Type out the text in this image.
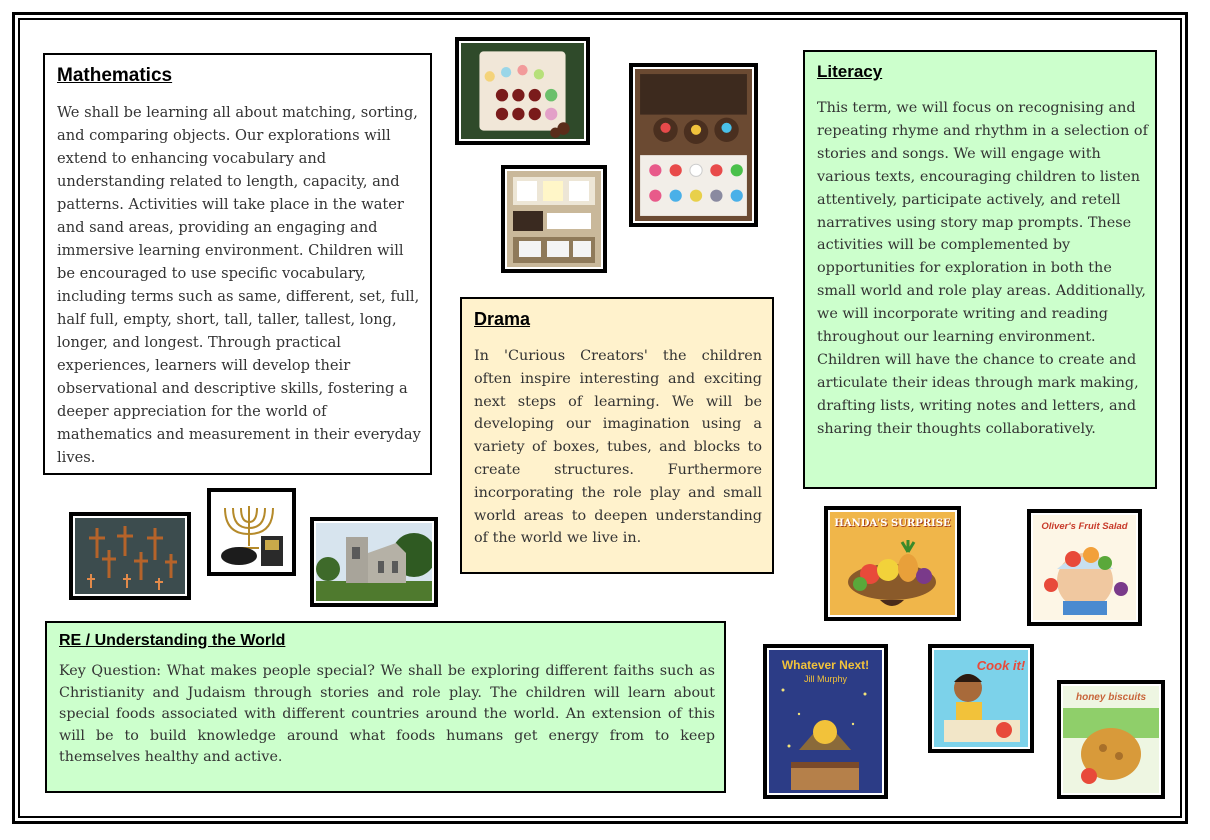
Mathematics

We shall be learning all about matching, sorting, and comparing objects. Our explorations will extend to enhancing vocabulary and understanding related to length, capacity, and patterns. Activities will take place in the water and sand areas, providing an engaging and immersive learning environment. Children will be encouraged to use specific vocabulary, including terms such as same, different, set, full, half full, empty, short, tall, taller, tallest, long, longer, and longest. Through practical experiences, learners will develop their observational and descriptive skills, fostering a deeper appreciation for the world of mathematics and measurement in their everyday lives.

Literacy

This term, we will focus on recognising and repeating rhyme and rhythm in a selection of stories and songs. We will engage with various texts, encouraging children to listen attentively, participate actively, and retell narratives using story map prompts. These activities will be complemented by opportunities for exploration in both the small world and role play areas. Additionally, we will incorporate writing and reading throughout our learning environment. Children will have the chance to create and articulate their ideas through mark making, drafting lists, writing notes and letters, and sharing their thoughts collaboratively.

Drama

In 'Curious Creators' the children often inspire interesting and exciting next steps of learning. We will be developing our imagination using a variety of boxes, tubes, and blocks to create structures. Furthermore incorporating the role play and small world areas to deepen understanding of the world we live in.

RE / Understanding the World

Key Question: What makes people special? We shall be exploring different faiths such as Christianity and Judaism through stories and role play. The children will learn about special foods associated with different countries around the world. An extension of this will be to build knowledge around what foods humans get energy from to keep themselves healthy and active.

HANDA'S SURPRISE	Oliver's Fruit Salad
Whatever Next!
Jill Murphy
Cook it!
honey biscuits
